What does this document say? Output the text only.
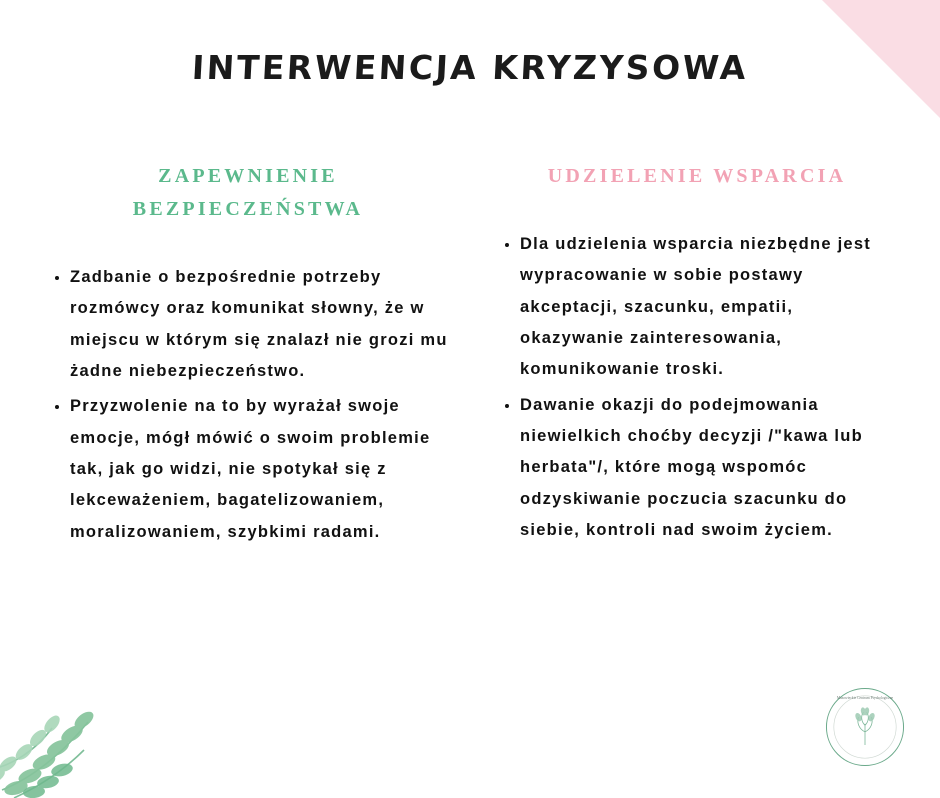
INTERWENCJA KRYZYSOWA
ZAPEWNIENIE BEZPIECZEŃSTWA
• Zadbanie o bezpośrednie potrzeby rozmówcy oraz komunikat słowny, że w miejscu w którym się znalazł nie grozi mu żadne niebezpieczeństwo.
• Przyzwolenie na to by wyrażał swoje emocje, mógł mówić o swoim problemie tak, jak go widzi, nie spotykał się z lekceważeniem, bagatelizowaniem, moralizowaniem, szybkimi radami.
UDZIELENIE WSPARCIA
• Dla udzielenia wsparcia niezbędne jest wypracowanie w sobie postawy akceptacji, szacunku, empatii, okazywanie zainteresowania, komunikowanie troski.
• Dawanie okazji do podejmowania niewielkich choćby decyzji /"kawa lub herbata"/, które mogą wspomóc odzyskiwanie poczucia szacunku do siebie, kontroli nad swoim życiem.
Mazowieckie Centrum Psychologiczne
